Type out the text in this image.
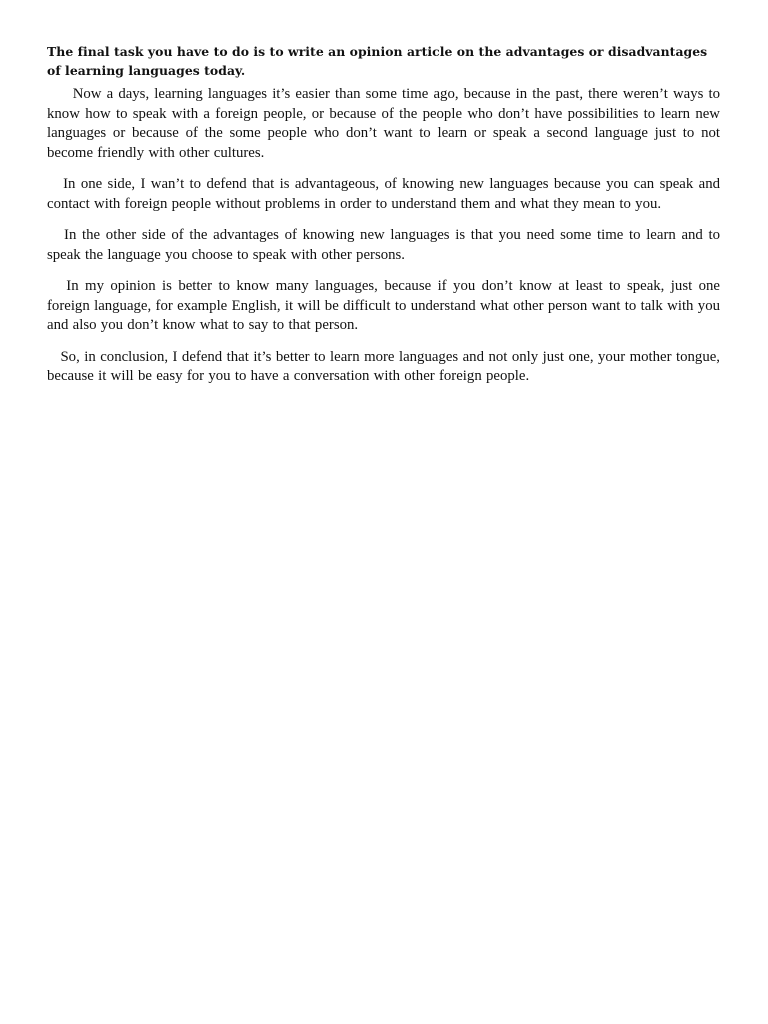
The final task you have to do is to write an opinion article on the advantages or disadvantages of learning languages today.

Now a days, learning languages it’s easier than some time ago, because in the past, there weren’t ways to know how to speak with a foreign people, or because of the people who don’t have possibilities to learn new languages or because of the some people who don’t want to learn or speak a second language just to not become friendly with other cultures.

In one side, I wan’t to defend that is advantageous, of knowing new languages because you can speak and contact with foreign people without problems in order to understand them and what they mean to you.

In the other side of the advantages of knowing new languages is that you need some time to learn and to speak the language you choose to speak with other persons.

In my opinion is better to know many languages, because if you don’t know at least to speak, just one foreign language, for example English, it will be difficult to understand what other person want to talk with you and also you don’t know what to say to that person.

So, in conclusion, I defend that it’s better to learn more languages and not only just one, your mother tongue, because it will be easy for you to have a conversation with other foreign people.
